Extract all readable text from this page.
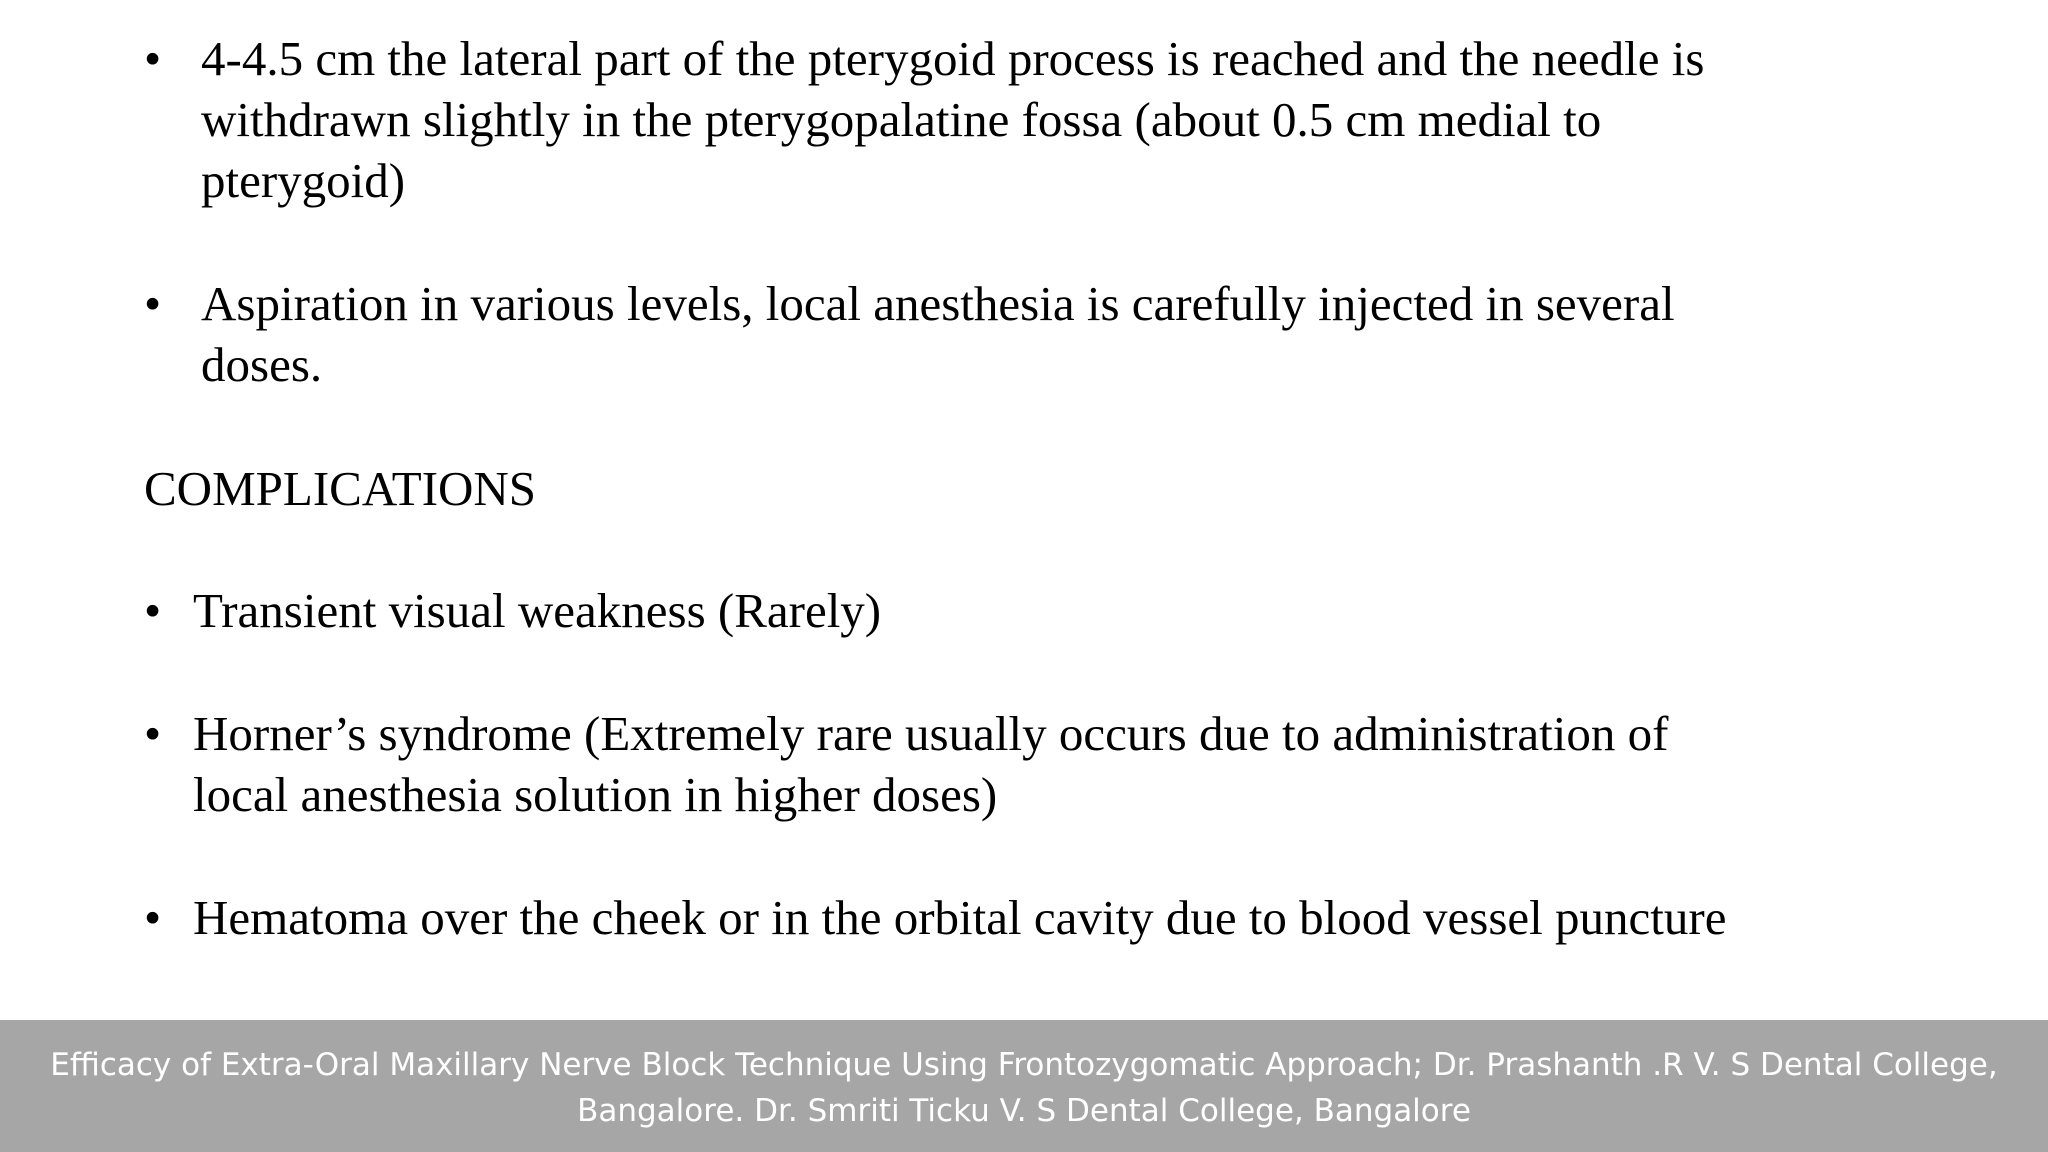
• 4-4.5 cm the lateral part of the pterygoid process is reached and the needle is
withdrawn slightly in the pterygopalatine fossa (about 0.5 cm medial to
pterygoid)
• Aspiration in various levels, local anesthesia is carefully injected in several
doses.
COMPLICATIONS
• Transient visual weakness (Rarely)
• Horner’s syndrome (Extremely rare usually occurs due to administration of
local anesthesia solution in higher doses)
• Hematoma over the cheek or in the orbital cavity due to blood vessel puncture
Efficacy of Extra-Oral Maxillary Nerve Block Technique Using Frontozygomatic Approach; Dr. Prashanth .R V. S Dental College,
Bangalore. Dr. Smriti Ticku V. S Dental College, Bangalore
